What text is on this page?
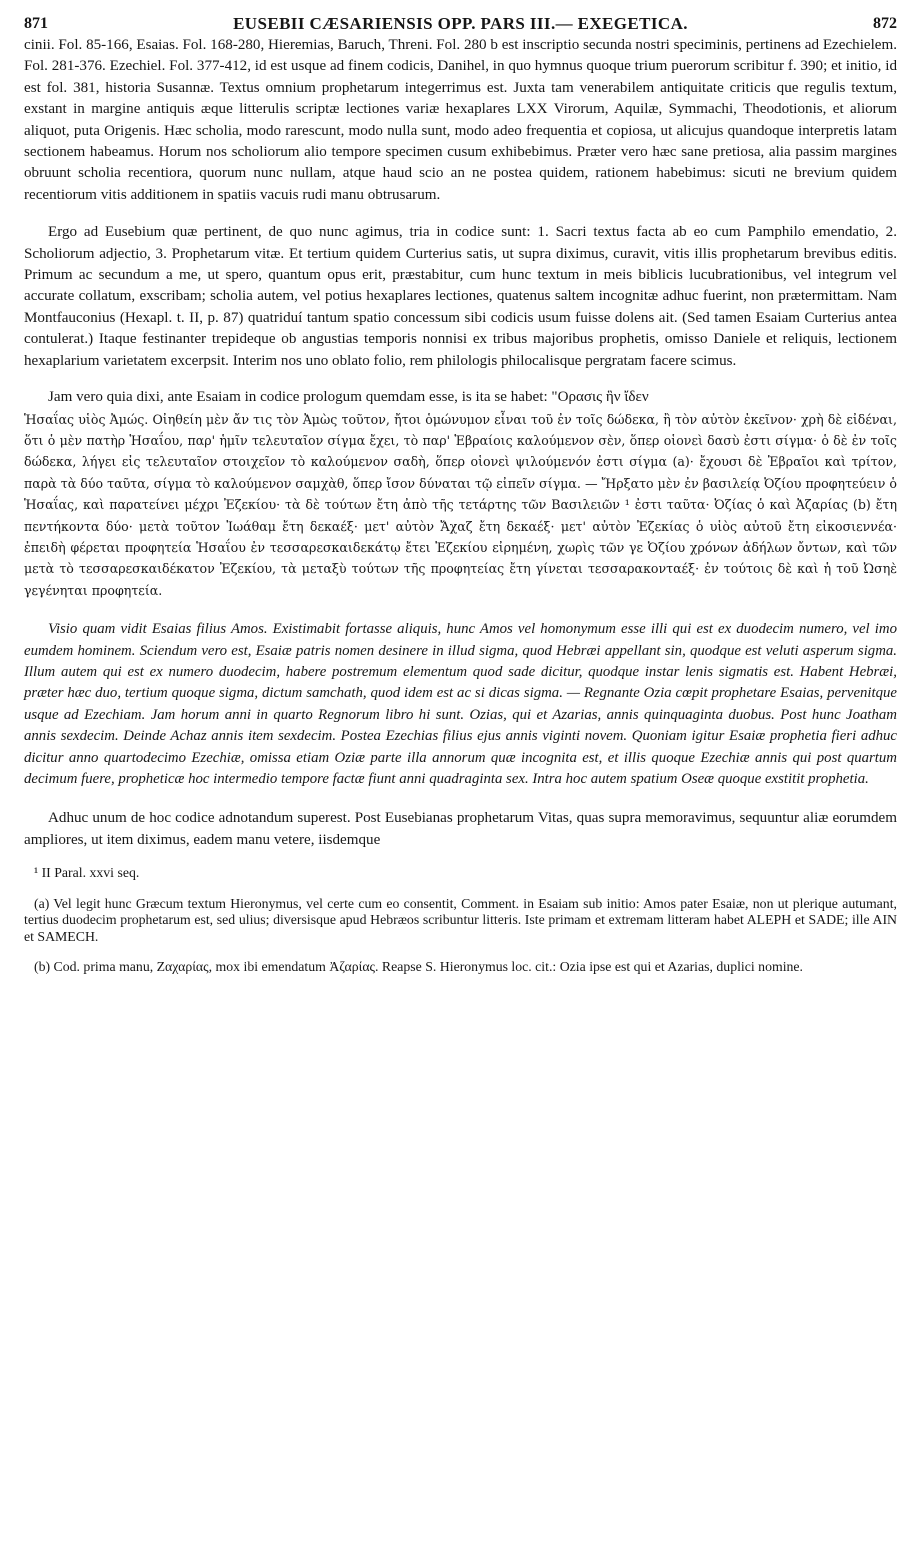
871	EUSEBII CÆSARIENSIS OPP. PARS III.— EXEGETICA.	872

cinii. Fol. 85-166, Esaias. Fol. 168-280, Hieremias, Baruch, Threni. Fol. 280 b est inscriptio secunda nostri speciminis, pertinens ad Ezechielem. Fol. 281-376. Ezechiel. Fol. 377-412, id est usque ad finem codicis, Danihel, in quo hymnus quoque trium puerorum scribitur f. 390; et initio, id est fol. 381, historia Susannæ. Textus omnium prophetarum integerrimus est. Juxta tam venerabilem antiquitate criticis que regulis textum, exstant in margine antiquis æque litterulis scriptæ lectiones variæ hexaplares LXX Virorum, Aquilæ, Symmachi, Theodotionis, et aliorum aliquot, puta Origenis. Hæc scholia, modo rarescunt, modo nulla sunt, modo adeo frequentia et copiosa, ut alicujus quandoque interpretis latam sectionem habeamus. Horum nos scholiorum alio tempore specimen cusum exhibebimus. Præter vero hæc sane pretiosa, alia passim margines obruunt scholia recentiora, quorum nunc nullam, atque haud scio an ne postea quidem, rationem habebimus: sicuti ne brevium quidem recentiorum vitis additionem in spatiis vacuis rudi manu obtrusarum.

Ergo ad Eusebium quæ pertinent, de quo nunc agimus, tria in codice sunt: 1. Sacri textus facta ab eo cum Pamphilo emendatio, 2. Scholiorum adjectio, 3. Prophetarum vitæ. Et tertium quidem Curterius satis, ut supra diximus, curavit, vitis illis prophetarum brevibus editis. Primum ac secundum a me, ut spero, quantum opus erit, præstabitur, cum hunc textum in meis biblicis lucubrationibus, vel integrum vel accurate collatum, exscribam; scholia autem, vel potius hexaplares lectiones, quatenus saltem incognitæ adhuc fuerint, non prætermittam. Nam Montfauconius (Hexapl. t. II, p. 87) quatriduí tantum spatio concessum sibi codicis usum fuisse dolens ait. (Sed tamen Esaiam Curterius antea contulerat.) Itaque festinanter trepideque ob angustias temporis nonnisi ex tribus majoribus prophetis, omisso Daniele et reliquis, lectionem hexaplarium varietatem excerpsit. Interim nos uno oblato folio, rem philologis philocalisque pergratam facere scimus.

Jam vero quia dixi, ante Esaiam in codice prologum quemdam esse, is ita se habet: "Ορασις ἣν ἴδεν

Ἡσαΐας υἱὸς Ἀμώς. Οἰηθείη μὲν ἄν τις τὸν Ἀμὼς τοῦτον, ἤτοι ὁμώνυμον εἶναι τοῦ ἐν τοῖς δώδεκα, ἢ τὸν αὐτὸν ἐκεῖνον· χρὴ δὲ εἰδέναι, ὅτι ὁ μὲν πατὴρ Ἡσαΐου, παρ' ἡμῖν τελευταῖον σίγμα ἔχει, τὸ παρ' Ἑβραίοις καλούμενον σὲν, ὅπερ οἱονεὶ δασὺ ἐστι σίγμα· ὁ δὲ ἐν τοῖς δώδεκα, λήγει εἰς τελευταῖον στοιχεῖον τὸ καλούμενον σαδὴ, ὅπερ οἱονεὶ ψιλούμενόν ἐστι σίγμα (a)· ἔχουσι δὲ Ἑβραῖοι καὶ τρίτον, παρὰ τὰ δύο ταῦτα, σίγμα τὸ καλούμενον σαμχὰθ, ὅπερ ἴσον δύναται τῷ εἰπεῖν σίγμα. — Ἤρξατο μὲν ἐν βασιλείᾳ Ὀζίου προφητεύειν ὁ Ἡσαΐας, καὶ παρατείνει μέχρι Ἐζεκίου· τὰ δὲ τούτων ἔτη ἀπὸ τῆς τετάρτης τῶν Βασιλειῶν ¹ ἐστι ταῦτα· Ὀζίας ὁ καὶ Ἀζαρίας (b) ἔτη πεντήκοντα δύο· μετὰ τοῦτον Ἰωάθαμ ἔτη δεκαέξ· μετ' αὐτὸν Ἄχαζ ἔτη δεκαέξ· μετ' αὐτὸν Ἐζεκίας ὁ υἱὸς αὐτοῦ ἔτη εἰκοσιεννέα· ἐπειδὴ φέρεται προφητεία Ἡσαΐου ἐν τεσσαρεσκαιδεκάτῳ ἔτει Ἐζεκίου εἰρημένη, χωρὶς τῶν γε Ὀζίου χρόνων ἀδήλων ὄντων, καὶ τῶν μετὰ τὸ τεσσαρεσκαιδέκατον Ἐζεκίου, τὰ μεταξὺ τούτων τῆς προφητείας ἔτη γίνεται τεσσαρακονταέξ· ἐν τούτοις δὲ καὶ ἡ τοῦ Ὠσηὲ γεγένηται προφητεία.

Visio quam vidit Esaias filius Amos. Existimabit fortasse aliquis, hunc Amos vel homonymum esse illi qui est ex duodecim numero, vel imo eumdem hominem. Sciendum vero est, Esaiæ patris nomen desinere in illud sigma, quod Hebræi appellant sin, quodque est veluti asperum sigma. Illum autem qui est ex numero duodecim, habere postremum elementum quod sade dicitur, quodque instar lenis sigmatis est. Habent Hebræi, præter hæc duo, tertium quoque sigma, dictum samchath, quod idem est ac si dicas sigma. — Regnante Ozia cœpit prophetare Esaias, pervenitque usque ad Ezechiam. Jam horum anni in quarto Regnorum libro hi sunt. Ozias, qui et Azarias, annis quinquaginta duobus. Post hunc Joatham annis sexdecim. Deinde Achaz annis item sexdecim. Postea Ezechias filius ejus annis viginti novem. Quoniam igitur Esaiæ prophetia fieri adhuc dicitur anno quartodecimo Ezechiæ, omissa etiam Oziæ parte illa annorum quæ incognita est, et illis quoque Ezechiæ annis qui post quartum decimum fuere, propheticæ hoc intermedio tempore factæ fiunt anni quadraginta sex. Intra hoc autem spatium Oseæ quoque exstitit prophetia.

Adhuc unum de hoc codice adnotandum superest. Post Eusebianas prophetarum Vitas, quas supra memoravimus, sequuntur aliæ eorumdem ampliores, ut item diximus, eadem manu vetere, iisdemque

¹ II Paral. xxvi seq.

(a) Vel legit hunc Græcum textum Hieronymus, vel certe cum eo consentit, Comment. in Esaiam sub initio: Amos pater Esaiæ, non ut plerique autumant, tertius duodecim prophetarum est, sed ulius; diversisque apud Hebræos scribuntur litteris. Iste primam et extremam litteram habet ALEPH et SADE; ille AIN et SAMECH.

(b) Cod. prima manu, Ζαχαρίας, mox ibi emendatum Ἀζαρίας. Reapse S. Hieronymus loc. cit.: Ozia ipse est qui et Azarias, duplici nomine.
